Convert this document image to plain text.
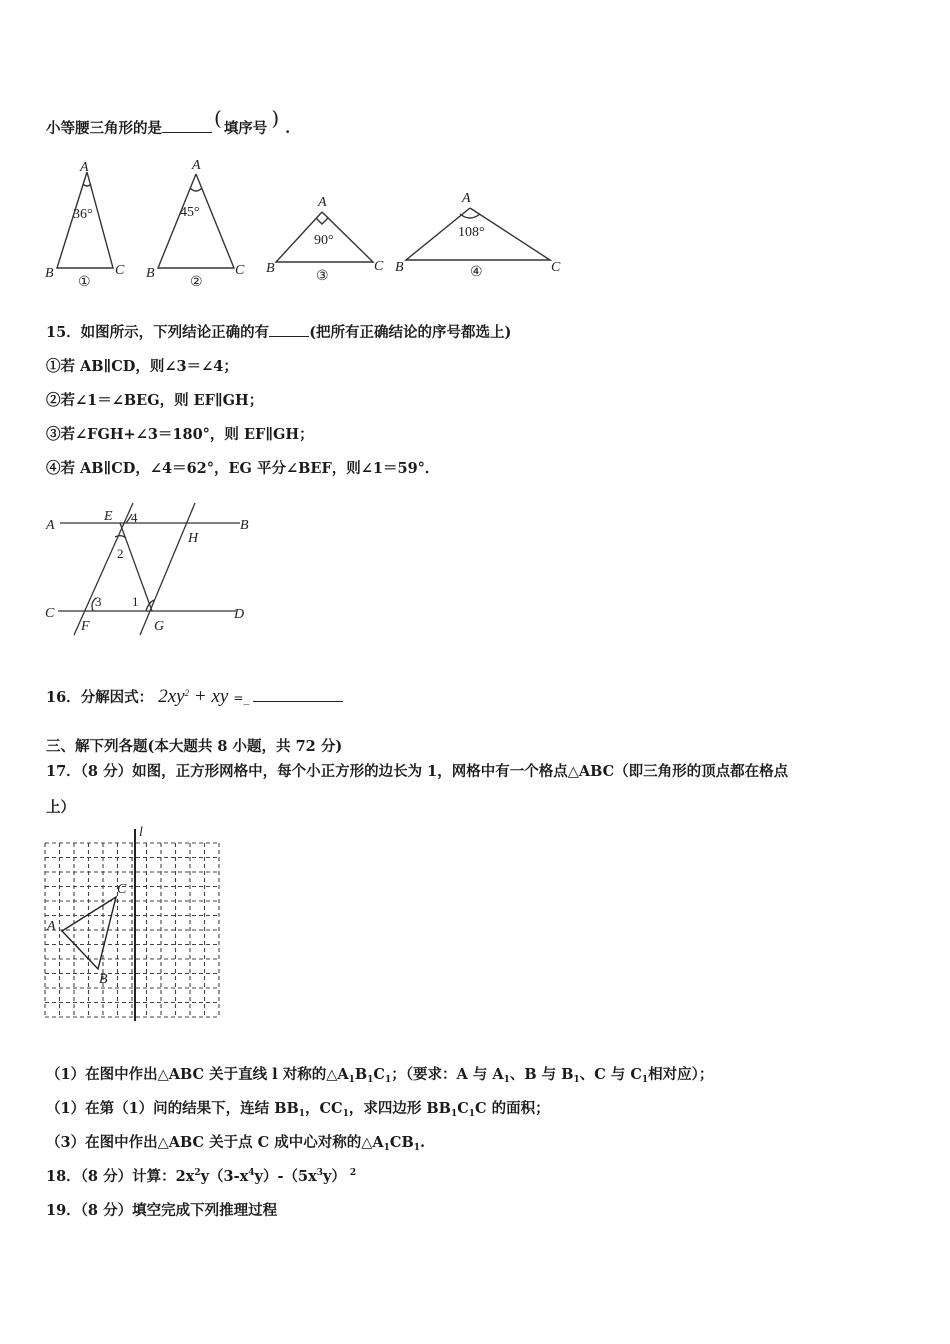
小等腰三角形的是	( 填序号 ) .
A
36°
B	C
①
A
45°
B	C
②
A
90°
B	C
③
A
108°
B	C
④
15．如图所示，下列结论正确的有	(把所有正确结论的序号都选上)
①若 AB∥CD，则∠3＝∠4；
②若∠1＝∠BEG，则 EF∥GH；
③若∠FGH+∠3＝180°，则 EF∥GH；
④若 AB∥CD，∠4＝62°，EG 平分∠BEF，则∠1＝59°．
A	B
C	D
E
F	G
H
1
2
3
4
16．分解因式： $2xy^2$ + xy =_
三、解下列各题(本大题共 8 小题，共 72 分)
17．（8 分）如图，正方形网格中，每个小正方形的边长为 1，网格中有一个格点△ABC（即三角形的顶点都在格点
上）
l
A
B
C
（1）在图中作出△ABC 关于直线 l 对称的$\triangle A_1B_1C_1$；（要求：A 与 $A_1$、B 与 $B_1$、C 与 $C_1$相对应）；
（1）在第（1）问的结果下，连结 $BB_1$，$CC_1$，求四边形 $BB_1C_1C$ 的面积；
（3）在图中作出△ABC 关于点 C 成中心对称的$\triangle A_1CB_1$.
18．（8 分）计算：$2x^2y(3-x^4y)-(5x^3y)$ $^2$
19．（8 分）填空完成下列推理过程
